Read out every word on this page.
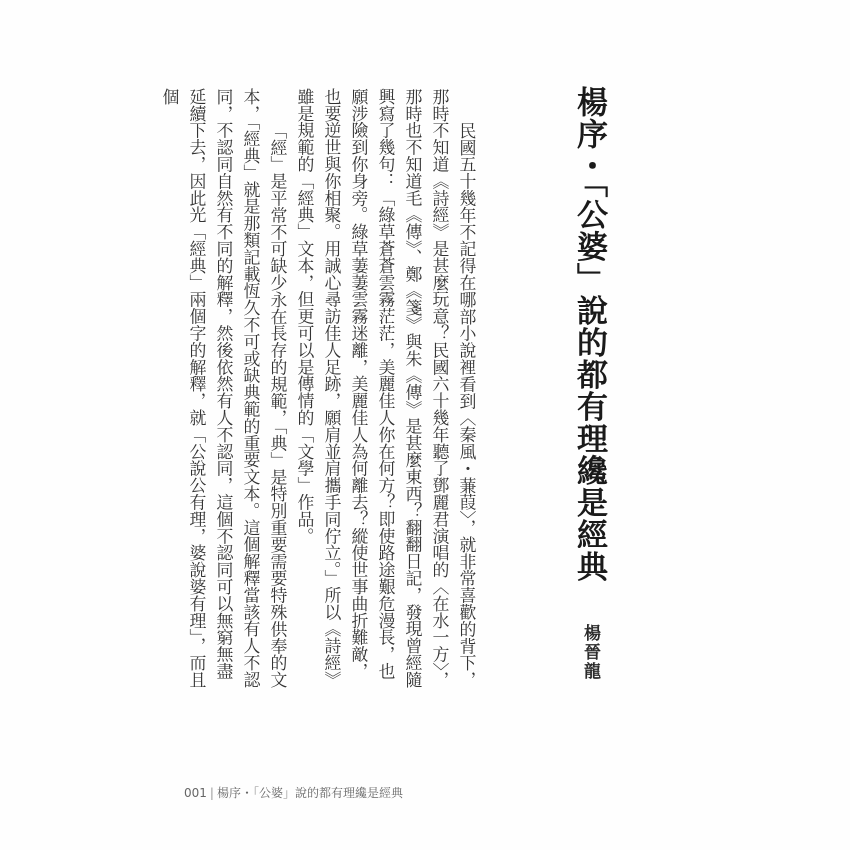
楊序・「公婆」說的都有理纔是經典
楊晉龍

民國五十幾年不記得在哪部小說裡看到〈秦風・蒹葭〉，就非常喜歡的背下，那時不知道《詩經》是甚麼玩意？民國六十幾年聽了鄧麗君演唱的〈在水一方〉，那時也不知道毛《傳》、鄭《箋》與朱《傳》是甚麼東西？翻翻日記，發現曾經隨興寫了幾句：「綠草蒼蒼雲霧茫茫，美麗佳人你在何方？即使路途艱危漫長，也願涉險到你身旁。綠草萋萋雲霧迷離，美麗佳人為何離去？縱使世事曲折難敵，也要逆世與你相聚。用誠心尋訪佳人足跡，願肩並肩攜手同佇立。」所以《詩經》雖是規範的「經典」文本，但更可以是傳情的「文學」作品。

「經」是平常不可缺少永在長存的規範，「典」是特別重要需要特殊供奉的文本，「經典」就是那類記載恆久不可或缺典範的重要文本。這個解釋當該有人不認同，不認同自然有不同的解釋，然後依然有人不認同，這個不認同可以無窮無盡延續下去，因此光「經典」兩個字的解釋，就「公說公有理，婆說婆有理」，而且個

001 | 楊序・「公婆」說的都有理纔是經典
